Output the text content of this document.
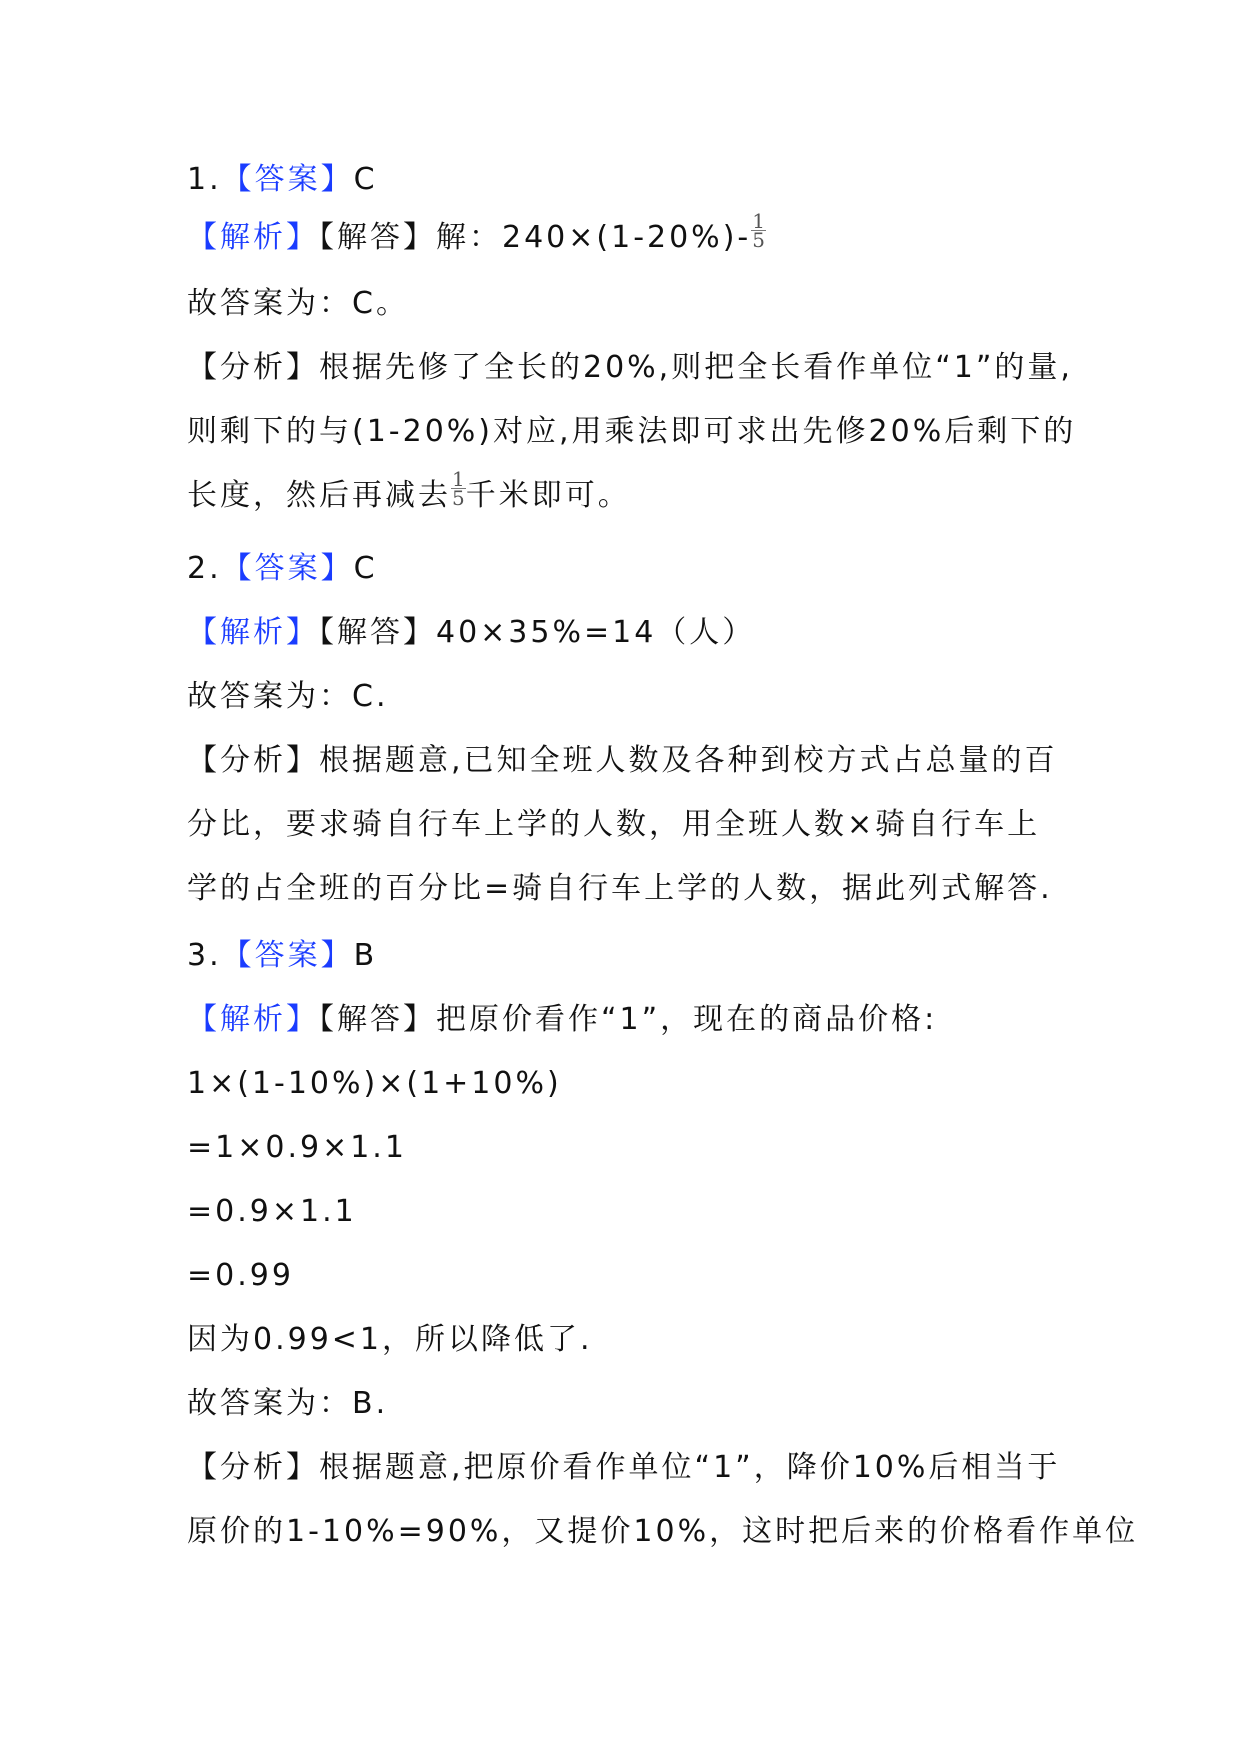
1.【答案】C
【解析】【解答】解：$240\times(1-20\%)- \frac{1}{5}$
故答案为：C。
【分析】根据先修了全长的20%,则把全长看作单位“1”的量,
则剩下的与(1-20%)对应,用乘法即可求出先修20%后剩下的
长度，然后再减去 $\frac{1}{5}$ 千米即可。
2.【答案】C
【解析】【解答】40×35%=14（人）
故答案为：C.
【分析】根据题意,已知全班人数及各种到校方式占总量的百
分比，要求骑自行车上学的人数，用全班人数×骑自行车上
学的占全班的百分比=骑自行车上学的人数，据此列式解答.
3.【答案】B
【解析】【解答】把原价看作“1”，现在的商品价格:
1×(1-10%)×(1+10%)
=1×0.9×1.1
=0.9×1.1
=0.99
因为0.99<1，所以降低了.
故答案为：B.
【分析】根据题意,把原价看作单位“1”，降价10%后相当于
原价的1-10%=90%，又提价10%，这时把后来的价格看作单位
